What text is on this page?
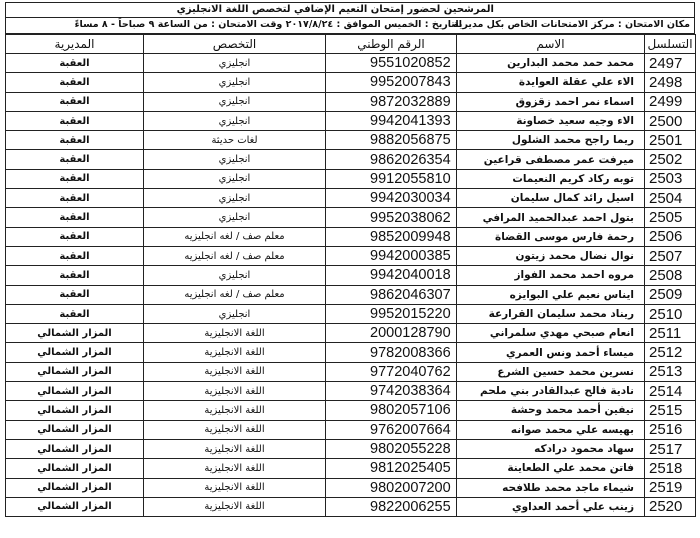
المرشحين لحضور إمتحان التعيم الإضافي لتخصص اللغة الانجليزي
مكان الامتحان : مركز الامتحانات الخاص بكل مديرية
التاريخ : الخميس الموافق : ٢٠١٧/٨/٢٤ وقت الامتحان : من الساعة ٩ صباحاً - ٨ مساءً
التسلسل	الاسم	الرقم الوطني	التخصص	المديرية
2497	محمد حمد محمد البدارين	9551020852	انجليزي	العقبة
2498	الاء علي عقلة العوايدة	9952007843	انجليزي	العقبة
2499	اسماء نمر احمد زقزوق	9872032889	انجليزي	العقبة
2500	الاء وجيه سعيد خصاونة	9942041393	انجليزي	العقبة
2501	ريما راجح محمد الشلول	9882056875	لغات حديثة	العقبة
2502	ميرفت عمر مصطفى قراعين	9862026354	انجليزي	العقبة
2503	توبه ركاد كريم النعيمات	9912055810	انجليزي	العقبة
2504	اسيل رائد كمال سليمان	9942030034	انجليزي	العقبة
2505	بتول احمد عبدالحميد المرافي	9952038062	انجليزي	العقبة
2506	رحمة فارس موسى القضاة	9852009948	معلم صف / لغه انجليزيه	العقبة
2507	نوال نضال محمد زيتون	9942000385	معلم صف / لغه انجليزيه	العقبة
2508	مروه احمد محمد الفواز	9942040018	انجليزي	العقبة
2509	ايناس نعيم علي البوايزه	9862046307	معلم صف / لغه انجليزيه	العقبة
2510	ريناد محمد سليمان القرارعة	9952015220	انجليزي	العقبة
2511	انعام صبحي مهدي سلمراني	2000128790	اللغة الانجليزية	المزار الشمالي
2512	ميساء أحمد ونس العمري	9782008366	اللغة الانجليزية	المزار الشمالي
2513	نسرين محمد حسين الشرع	9772040762	اللغة الانجليزية	المزار الشمالي
2514	نادية فالح عبدالقادر بني ملحم	9742038364	اللغة الانجليزية	المزار الشمالي
2515	نيفين أحمد محمد وحشة	9802057106	اللغة الانجليزية	المزار الشمالي
2516	بهيسه علي محمد صوانه	9762007664	اللغة الانجليزية	المزار الشمالي
2517	سهاد محمود درادكه	9802055228	اللغة الانجليزية	المزار الشمالي
2518	فاتن محمد علي الطعاينة	9812025405	اللغة الانجليزية	المزار الشمالي
2519	شيماء ماجد محمد طلافحه	9802007200	اللغة الانجليزية	المزار الشمالي
2520	زينب علي أحمد العداوي	9822006255	اللغة الانجليزية	المزار الشمالي
